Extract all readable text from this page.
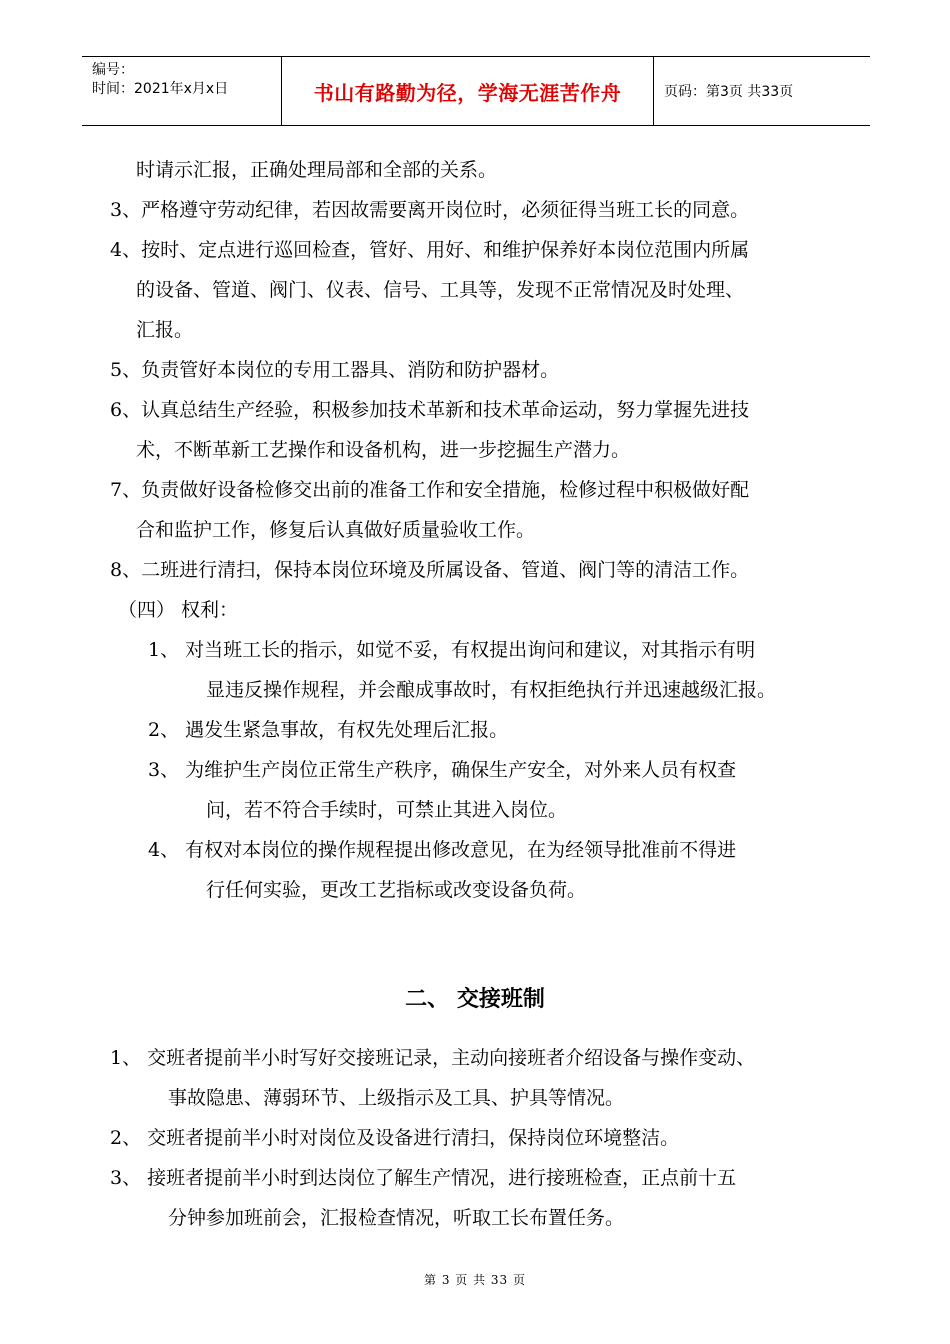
编号：
时间：2021年x月x日	书山有路勤为径，学海无涯苦作舟	页码：第3页 共33页
时请示汇报，正确处理局部和全部的关系。
3、严格遵守劳动纪律，若因故需要离开岗位时，必须征得当班工长的同意。
4、按时、定点进行巡回检查，管好、用好、和维护保养好本岗位范围内所属
的设备、管道、阀门、仪表、信号、工具等，发现不正常情况及时处理、
汇报。
5、负责管好本岗位的专用工器具、消防和防护器材。
6、认真总结生产经验，积极参加技术革新和技术革命运动，努力掌握先进技
术，不断革新工艺操作和设备机构，进一步挖掘生产潜力。
7、负责做好设备检修交出前的准备工作和安全措施，检修过程中积极做好配
合和监护工作，修复后认真做好质量验收工作。
8、二班进行清扫，保持本岗位环境及所属设备、管道、阀门等的清洁工作。
（四） 权利：
1、 对当班工长的指示，如觉不妥，有权提出询问和建议，对其指示有明
显违反操作规程，并会酿成事故时，有权拒绝执行并迅速越级汇报。
2、 遇发生紧急事故，有权先处理后汇报。
3、 为维护生产岗位正常生产秩序，确保生产安全，对外来人员有权查
问，若不符合手续时，可禁止其进入岗位。
4、 有权对本岗位的操作规程提出修改意见，在为经领导批准前不得进
行任何实验，更改工艺指标或改变设备负荷。
二、 交接班制
1、 交班者提前半小时写好交接班记录，主动向接班者介绍设备与操作变动、
事故隐患、薄弱环节、上级指示及工具、护具等情况。
2、 交班者提前半小时对岗位及设备进行清扫，保持岗位环境整洁。
3、 接班者提前半小时到达岗位了解生产情况，进行接班检查，正点前十五
分钟参加班前会，汇报检查情况，听取工长布置任务。
第 3 页 共 33 页
